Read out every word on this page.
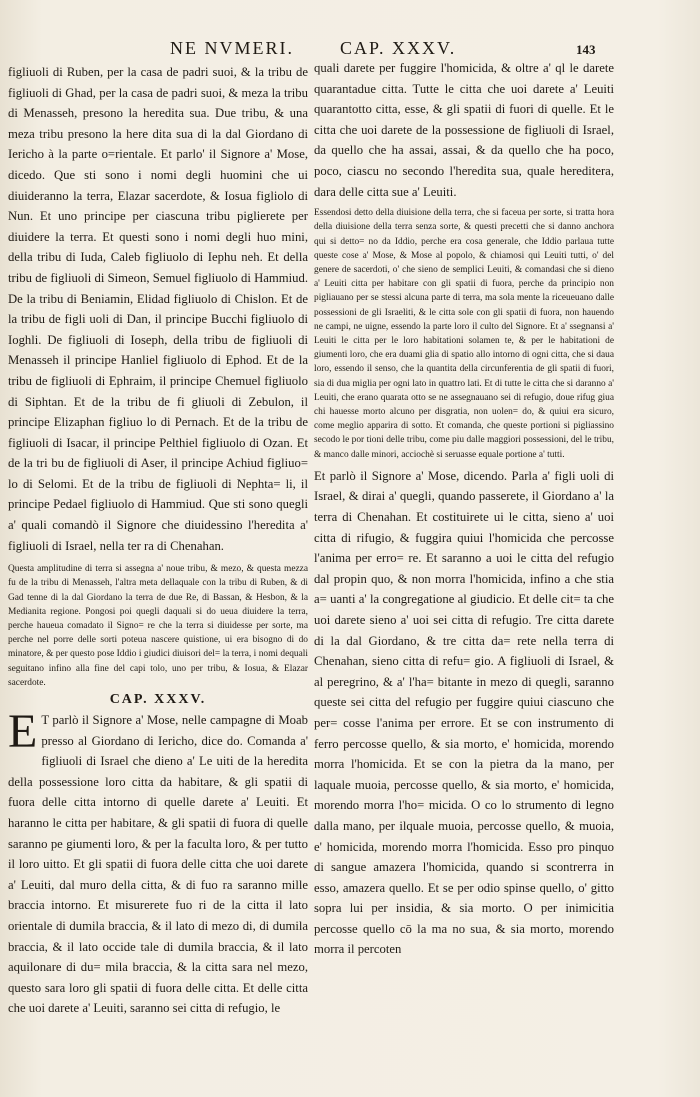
NE NVMERI.	CAP. XXXV.	143

figliuoli di Ruben, per la casa de padri suoi, & la tribu de figliuoli di Ghad, per la casa de padri suoi, & meza la tribu di Menasseh, presono la heredita sua. Due tribu, & una meza tribu presono la here dita sua di la dal Giordano di Iericho à la parte o=rientale. Et parlo' il Signore a' Mose, dicedo. Que sti sono i nomi degli huomini che ui diuideranno la terra, Elazar sacerdote, & Iosua figliolo di Nun. Et uno principe per ciascuna tribu piglierete per diuidere la terra. Et questi sono i nomi degli huo mini, della tribu di Iuda, Caleb figliuolo di Iephu neh. Et della tribu de figliuoli di Simeon, Semuel figliuolo di Hammiud. De la tribu di Beniamin, Elidad figliuolo di Chislon. Et de la tribu de figli uoli di Dan, il principe Bucchi figliuolo di Ioghli. De figliuoli di Ioseph, della tribu de figliuoli di Menasseh il principe Hanliel figliuolo di Ephod. Et de la tribu de figliuoli di Ephraim, il principe Chemuel figliuolo di Siphtan. Et de la tribu de fi gliuoli di Zebulon, il principe Elizaphan figliuo lo di Pernach. Et de la tribu de figliuoli di Isacar, il principe Pelthiel figliuolo di Ozan. Et de la tri bu de figliuoli di Aser, il principe Achiud figliuo= lo di Selomi. Et de la tribu de figliuoli di Nephta= li, il principe Pedael figliuolo di Hammiud. Que sti sono quegli a' quali comandò il Signore che diuidessino l'heredita a' figliuoli di Israel, nella ter ra di Chenahan.

Questa amplitudine di terra si assegna a' noue tribu, & mezo, & questa mezza fu de la tribu di Menasseh, l'altra meta dellaquale con la tribu di Ruben, & di Gad tenne di la dal Giordano la terra de due Re, di Bassan, & Hesbon, & la Medianita regione. Pongosi poi quegli daquali si do ueua diuidere la terra, perche haueua comadato il Signo= re che la terra si diuidesse per sorte, ma perche nel porre delle sorti poteua nascere quistione, ui era bisogno di do minatore, & per questo pose Iddio i giudici diuisori del= la terra, i nomi dequali seguitano infino alla fine del capi tolo, uno per tribu, & Iosua, & Elazar sacerdote.

CAP. XXXV.

E T parlò il Signore a' Mose, nelle campagne di Moab presso al Giordano di Iericho, dice do. Comanda a' figliuoli di Israel che dieno a' Le uiti de la heredita della possessione loro citta da habitare, & gli spatii di fuora delle citta intorno di quelle darete a' Leuiti. Et haranno le citta per habitare, & gli spatii di fuora di quelle saranno pe giumenti loro, & per la faculta loro, & per tutto il loro uitto. Et gli spatii di fuora delle citta che uoi darete a' Leuiti, dal muro della citta, & di fuo ra saranno mille braccia intorno. Et misurerete fuo ri de la citta il lato orientale di dumila braccia, & il lato di mezo di, di dumila braccia, & il lato occide tale di dumila braccia, & il lato aquilonare di du= mila braccia, & la citta sara nel mezo, questo sara loro gli spatii di fuora delle citta. Et delle citta che uoi darete a' Leuiti, saranno sei citta di refugio, le

quali darete per fuggire l'homicida, & oltre a' ql le darete quarantadue citta. Tutte le citta che uoi darete a' Leuiti quarantotto citta, esse, & gli spatii di fuori di quelle. Et le citta che uoi darete de la possessione de figliuoli di Israel, da quello che ha assai, assai, & da quello che ha poco, poco, ciascu no secondo l'heredita sua, quale hereditera, dara delle citta sue a' Leuiti.

Essendosi detto della diuisione della terra, che si faceua per sorte, si tratta hora della diuisione della terra senza sorte, & questi precetti che si danno anchora qui si detto= no da Iddio, perche era cosa generale, che Iddio parlaua tutte queste cose a' Mose, & Mose al popolo, & chiamosi qui Leuiti tutti, o' del genere de sacerdoti, o' che sieno de semplici Leuiti, & comandasi che si dieno a' Leuiti citta per habitare con gli spatii di fuora, perche da principio non pigliauano per se stessi alcuna parte di terra, ma sola mente la riceueuano dalle possessioni de gli Israeliti, & le citta sole con gli spatii di fuora, non hauendo ne campi, ne uigne, essendo la parte loro il culto del Signore. Et a' ssegnansi a' Leuiti le citta per le loro habitationi solamen te, & per le habitationi de giumenti loro, che era duami glia di spatio allo intorno di ogni citta, che si daua loro, essendo il senso, che la quantita della circunferentia de gli spatii di fuori, sia di dua miglia per ogni lato in quattro lati. Et di tutte le citta che si daranno a' Leuiti, che erano quarata otto se ne assegnauano sei di refugio, doue rifug giua chi hauesse morto alcuno per disgratia, non uolen= do, & quiui era sicuro, come meglio apparira di sotto. Et comanda, che queste portioni si pigliassino secodo le por tioni delle tribu, come piu dalle maggiori possessioni, del le tribu, & manco dalle minori, acciochè si seruasse equale portione a' tutti.

Et parlò il Signore a' Mose, dicendo. Parla a' figli uoli di Israel, & dirai a' quegli, quando passerete, il Giordano a' la terra di Chenahan. Et costituirete ui le citta, sieno a' uoi citta di rifugio, & fuggira quiui l'homicida che percosse l'anima per erro= re. Et saranno a uoi le citta del refugio dal propin quo, & non morra l'homicida, infino a che stia a= uanti a' la congregatione al giudicio. Et delle cit= ta che uoi darete sieno a' uoi sei citta di refugio. Tre citta darete di la dal Giordano, & tre citta da= rete nella terra di Chenahan, sieno citta di refu= gio. A figliuoli di Israel, & al peregrino, & a' l'ha= bitante in mezo di quegli, saranno queste sei citta del refugio per fuggire quiui ciascuno che per= cosse l'anima per errore. Et se con instrumento di ferro percosse quello, & sia morto, e' homicida, morendo morra l'homicida. Et se con la pietra da la mano, per laquale muoia, percosse quello, & sia morto, e' homicida, morendo morra l'ho= micida. O co lo strumento di legno dalla mano, per ilquale muoia, percosse quello, & muoia, e' homicida, morendo morra l'homicida. Esso pro pinquo di sangue amazera l'homicida, quando si scontrerra in esso, amazera quello. Et se per odio spinse quello, o' gitto sopra lui per insidia, & sia morto. O per inimicitia percosse quello cō la ma no sua, & sia morto, morendo morra il percoten
